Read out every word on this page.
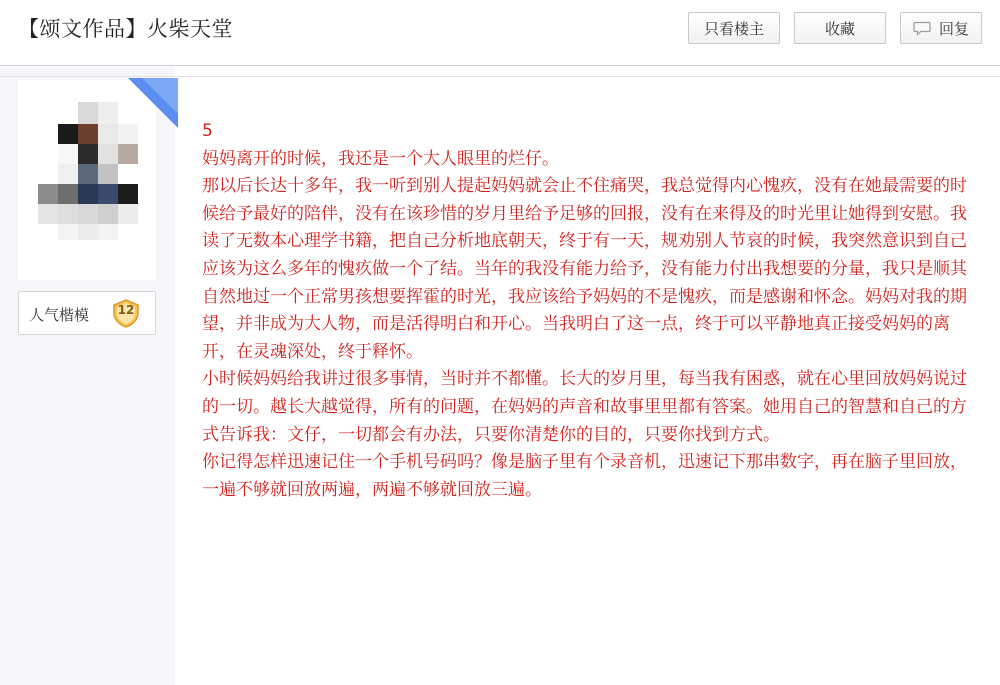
【颂文作品】火柴天堂	只看楼主	收藏	回复
人气楷模	12

5

妈妈离开的时候，我还是一个大人眼里的烂仔。

那以后长达十多年，我一听到别人提起妈妈就会止不住痛哭，我总觉得内心愧疚，没有在她最需要的时候给予最好的陪伴，没有在该珍惜的岁月里给予足够的回报，没有在来得及的时光里让她得到安慰。我读了无数本心理学书籍，把自己分析地底朝天，终于有一天，规劝别人节哀的时候，我突然意识到自己应该为这么多年的愧疚做一个了结。当年的我没有能力给予，没有能力付出我想要的分量，我只是顺其自然地过一个正常男孩想要挥霍的时光，我应该给予妈妈的不是愧疚，而是感谢和怀念。妈妈对我的期望，并非成为大人物，而是活得明白和开心。当我明白了这一点，终于可以平静地真正接受妈妈的离开，在灵魂深处，终于释怀。

小时候妈妈给我讲过很多事情，当时并不都懂。长大的岁月里，每当我有困惑，就在心里回放妈妈说过的一切。越长大越觉得，所有的问题，在妈妈的声音和故事里里都有答案。她用自己的智慧和自己的方式告诉我：文仔，一切都会有办法，只要你清楚你的目的，只要你找到方式。

你记得怎样迅速记住一个手机号码吗？像是脑子里有个录音机，迅速记下那串数字，再在脑子里回放，一遍不够就回放两遍，两遍不够就回放三遍。
